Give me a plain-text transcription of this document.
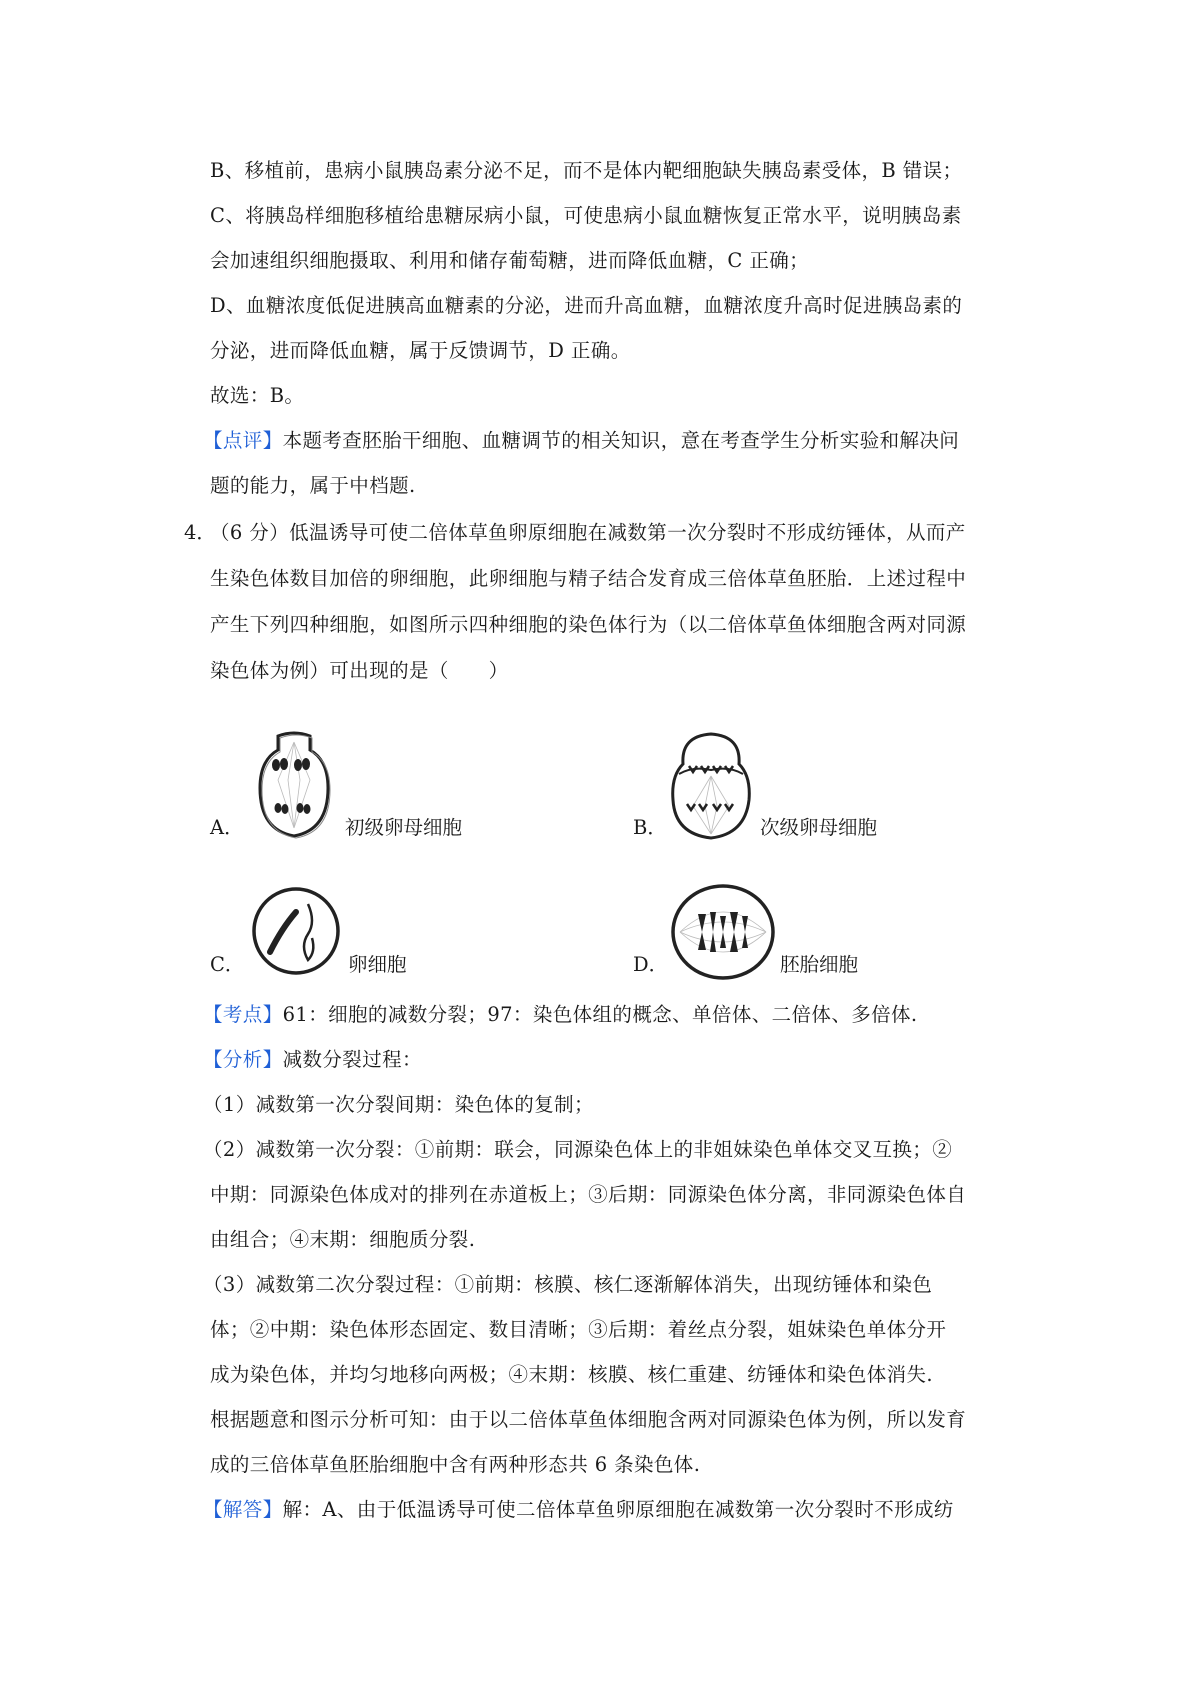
B、移植前，患病小鼠胰岛素分泌不足，而不是体内靶细胞缺失胰岛素受体，B 错误；
C、将胰岛样细胞移植给患糖尿病小鼠，可使患病小鼠血糖恢复正常水平，说明胰岛素
会加速组织细胞摄取、利用和储存葡萄糖，进而降低血糖，C 正确；
D、血糖浓度低促进胰高血糖素的分泌，进而升高血糖，血糖浓度升高时促进胰岛素的
分泌，进而降低血糖，属于反馈调节，D 正确。
故选：B。
【点评】本题考查胚胎干细胞、血糖调节的相关知识，意在考查学生分析实验和解决问
题的能力，属于中档题.
4．
（6 分）低温诱导可使二倍体草鱼卵原细胞在减数第一次分裂时不形成纺锤体，从而产
生染色体数目加倍的卵细胞，此卵细胞与精子结合发育成三倍体草鱼胚胎．上述过程中
产生下列四种细胞，如图所示四种细胞的染色体行为（以二倍体草鱼体细胞含两对同源
染色体为例）可出现的是（　　）
A．	初级卵母细胞	B．	次级卵母细胞
C．	卵细胞	D．	胚胎细胞
【考点】61：细胞的减数分裂；97：染色体组的概念、单倍体、二倍体、多倍体.
【分析】减数分裂过程：
（1）减数第一次分裂间期：染色体的复制；
（2）减数第一次分裂：①前期：联会，同源染色体上的非姐妹染色单体交叉互换；②
中期：同源染色体成对的排列在赤道板上；③后期：同源染色体分离，非同源染色体自
由组合；④末期：细胞质分裂.
（3）减数第二次分裂过程：①前期：核膜、核仁逐渐解体消失，出现纺锤体和染色
体；②中期：染色体形态固定、数目清晰；③后期：着丝点分裂，姐妹染色单体分开
成为染色体，并均匀地移向两极；④末期：核膜、核仁重建、纺锤体和染色体消失.
根据题意和图示分析可知：由于以二倍体草鱼体细胞含两对同源染色体为例，所以发育
成的三倍体草鱼胚胎细胞中含有两种形态共 6 条染色体.
【解答】解：A、由于低温诱导可使二倍体草鱼卵原细胞在减数第一次分裂时不形成纺
